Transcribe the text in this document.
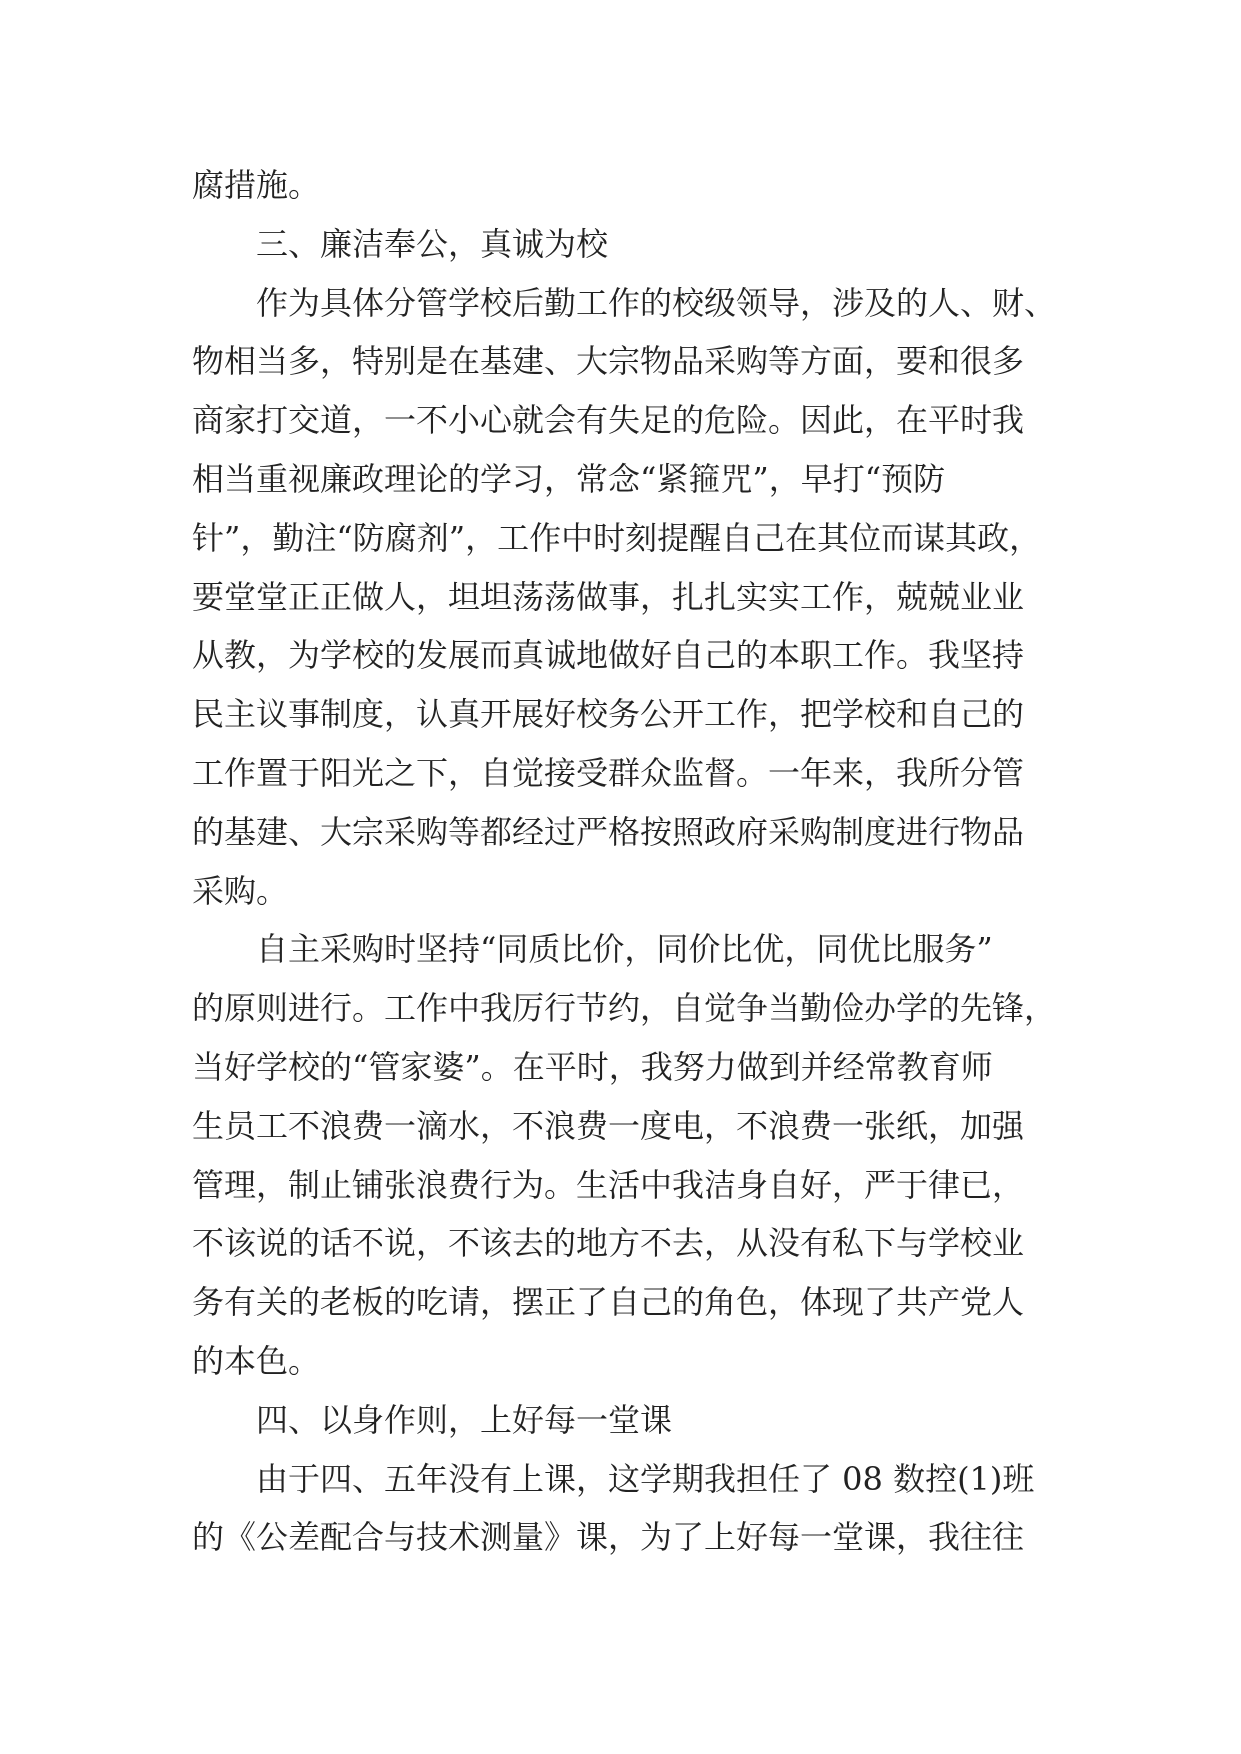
腐措施。
三、廉洁奉公，真诚为校
作为具体分管学校后勤工作的校级领导，涉及的人、财、
物相当多，特别是在基建、大宗物品采购等方面，要和很多
商家打交道，一不小心就会有失足的危险。因此，在平时我
相当重视廉政理论的学习，常念“紧箍咒”，早打“预防
针”，勤注“防腐剂”，工作中时刻提醒自己在其位而谋其政，
要堂堂正正做人，坦坦荡荡做事，扎扎实实工作，兢兢业业
从教，为学校的发展而真诚地做好自己的本职工作。我坚持
民主议事制度，认真开展好校务公开工作，把学校和自己的
工作置于阳光之下，自觉接受群众监督。一年来，我所分管
的基建、大宗采购等都经过严格按照政府采购制度进行物品
采购。
自主采购时坚持“同质比价，同价比优，同优比服务”
的原则进行。工作中我厉行节约，自觉争当勤俭办学的先锋，
当好学校的“管家婆”。在平时，我努力做到并经常教育师
生员工不浪费一滴水，不浪费一度电，不浪费一张纸，加强
管理，制止铺张浪费行为。生活中我洁身自好，严于律已，
不该说的话不说，不该去的地方不去，从没有私下与学校业
务有关的老板的吃请，摆正了自己的角色，体现了共产党人
的本色。
四、以身作则，上好每一堂课
由于四、五年没有上课，这学期我担任了 08 数控(1)班
的《公差配合与技术测量》课，为了上好每一堂课，我往往
